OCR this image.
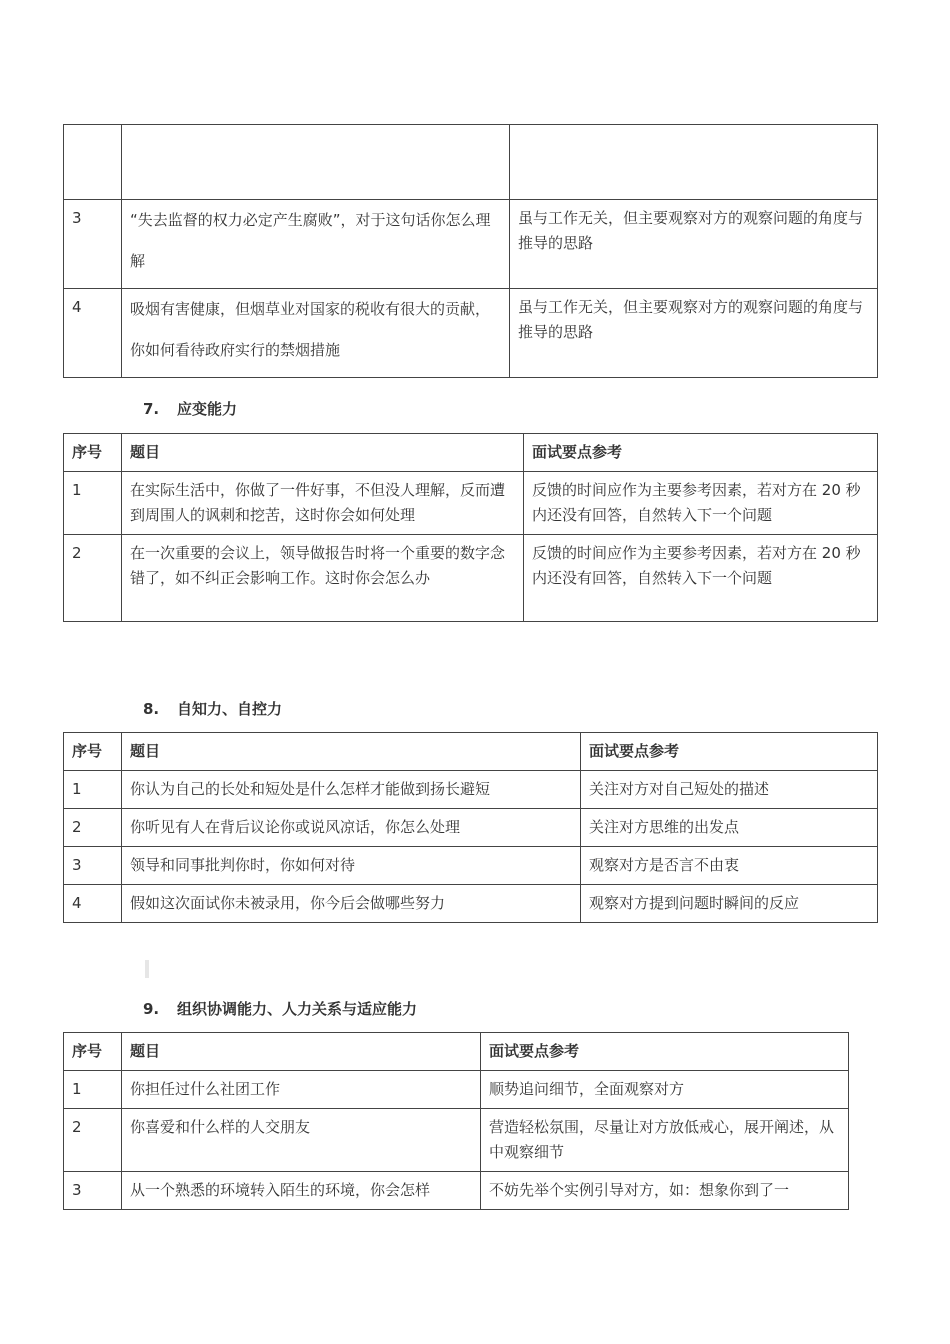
3	“失去监督的权力必定产生腐败”，对于这句话你怎么理解	虽与工作无关，但主要观察对方的观察问题的角度与推导的思路
4	吸烟有害健康，但烟草业对国家的税收有很大的贡献，你如何看待政府实行的禁烟措施	虽与工作无关，但主要观察对方的观察问题的角度与推导的思路
7. 应变能力
序号	题目	面试要点参考
1	在实际生活中，你做了一件好事，不但没人理解，反而遭到周围人的讽刺和挖苦，这时你会如何处理	反馈的时间应作为主要参考因素，若对方在 20 秒内还没有回答，自然转入下一个问题
2	在一次重要的会议上，领导做报告时将一个重要的数字念错了，如不纠正会影响工作。这时你会怎么办	反馈的时间应作为主要参考因素，若对方在 20 秒内还没有回答，自然转入下一个问题
8. 自知力、自控力
序号	题目	面试要点参考
1	你认为自己的长处和短处是什么怎样才能做到扬长避短	关注对方对自己短处的描述
2	你听见有人在背后议论你或说风凉话，你怎么处理	关注对方思维的出发点
3	领导和同事批判你时，你如何对待	观察对方是否言不由衷
4	假如这次面试你未被录用，你今后会做哪些努力	观察对方提到问题时瞬间的反应
9. 组织协调能力、人力关系与适应能力
序号	题目	面试要点参考
1	你担任过什么社团工作	顺势追问细节，全面观察对方
2	你喜爱和什么样的人交朋友	营造轻松氛围，尽量让对方放低戒心，展开阐述，从中观察细节
3	从一个熟悉的环境转入陌生的环境，你会怎样	不妨先举个实例引导对方，如：想象你到了一
